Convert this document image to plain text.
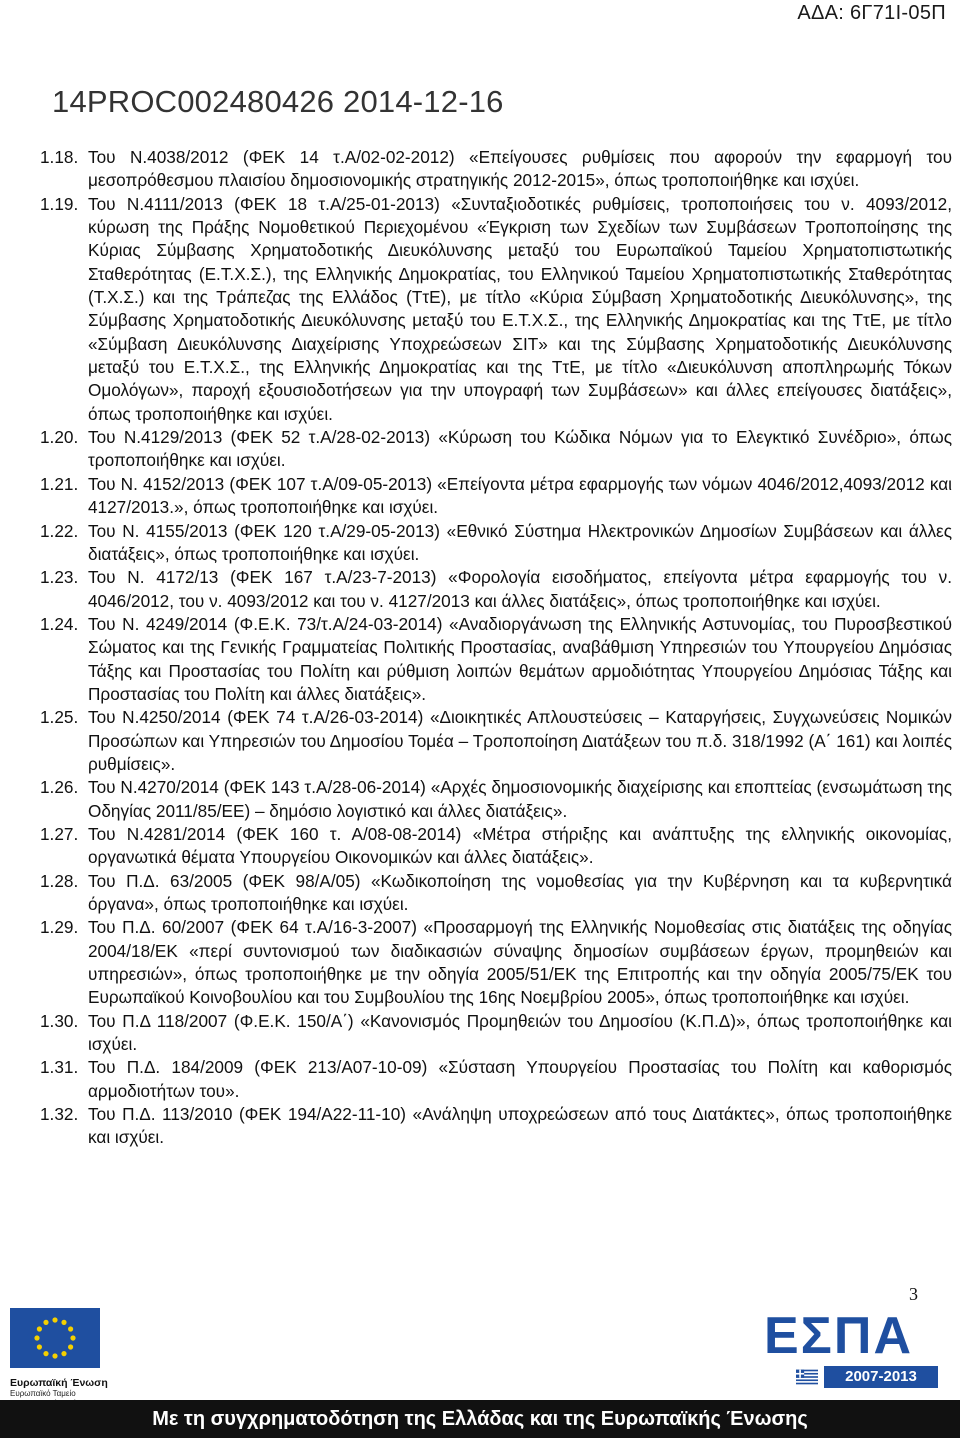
ΑΔΑ: 6Γ71Ι-05Π
14PROC002480426 2014-12-16
1.18. Του Ν.4038/2012 (ΦΕΚ 14 τ.Α/02-02-2012) «Επείγουσες ρυθμίσεις που αφορούν την εφαρμογή του μεσοπρόθεσμου πλαισίου δημοσιονομικής στρατηγικής 2012-2015», όπως τροποποιήθηκε και ισχύει.
1.19. Του Ν.4111/2013 (ΦΕΚ 18 τ.Α/25-01-2013) «Συνταξιοδοτικές ρυθμίσεις, τροποποιήσεις του ν. 4093/2012, κύρωση της Πράξης Νομοθετικού Περιεχομένου «Έγκριση των Σχεδίων των Συμβάσεων Τροποποίησης της Κύριας Σύμβασης Χρηματοδοτικής Διευκόλυνσης μεταξύ του Ευρωπαϊκού Ταμείου Χρηματοπιστωτικής Σταθερότητας (Ε.Τ.Χ.Σ.), της Ελληνικής Δημοκρατίας, του Ελληνικού Ταμείου Χρηματοπιστωτικής Σταθερότητας (Τ.Χ.Σ.) και της Τράπεζας της Ελλάδος (ΤτΕ), με τίτλο «Κύρια Σύμβαση Χρηματοδοτικής Διευκόλυνσης», της Σύμβασης Χρηματοδοτικής Διευκόλυνσης μεταξύ του Ε.Τ.Χ.Σ., της Ελληνικής Δημοκρατίας και της ΤτΕ, με τίτλο «Σύμβαση Διευκόλυνσης Διαχείρισης Υποχρεώσεων ΣΙΤ» και της Σύμβασης Χρηματοδοτικής Διευκόλυνσης μεταξύ του Ε.Τ.Χ.Σ., της Ελληνικής Δημοκρατίας και της ΤτΕ, με τίτλο «Διευκόλυνση αποπληρωμής Τόκων Ομολόγων», παροχή εξουσιοδοτήσεων για την υπογραφή των Συμβάσεων» και άλλες επείγουσες διατάξεις», όπως τροποποιήθηκε και ισχύει.
1.20. Του Ν.4129/2013 (ΦΕΚ 52 τ.Α/28-02-2013) «Κύρωση του Κώδικα Νόμων για το Ελεγκτικό Συνέδριο», όπως τροποποιήθηκε και ισχύει.
1.21. Του Ν. 4152/2013 (ΦΕΚ 107 τ.Α/09-05-2013) «Επείγοντα μέτρα εφαρμογής των νόμων 4046/2012,4093/2012 και 4127/2013.», όπως τροποποιήθηκε και ισχύει.
1.22. Του Ν. 4155/2013 (ΦΕΚ 120 τ.Α/29-05-2013) «Εθνικό Σύστημα Ηλεκτρονικών Δημοσίων Συμβάσεων και άλλες διατάξεις», όπως τροποποιήθηκε και ισχύει.
1.23. Του Ν. 4172/13 (ΦΕΚ 167 τ.Α/23-7-2013) «Φορολογία εισοδήματος, επείγοντα μέτρα εφαρμογής του ν. 4046/2012, του ν. 4093/2012 και του ν. 4127/2013 και άλλες διατάξεις», όπως τροποποιήθηκε και ισχύει.
1.24. Του Ν. 4249/2014 (Φ.Ε.Κ. 73/τ.Α/24-03-2014) «Αναδιοργάνωση της Ελληνικής Αστυνομίας, του Πυροσβεστικού Σώματος και της Γενικής Γραμματείας Πολιτικής Προστασίας, αναβάθμιση Υπηρεσιών του Υπουργείου Δημόσιας Τάξης και Προστασίας του Πολίτη και ρύθμιση λοιπών θεμάτων αρμοδιότητας Υπουργείου Δημόσιας Τάξης και Προστασίας του Πολίτη και άλλες διατάξεις».
1.25. Του Ν.4250/2014 (ΦΕΚ 74 τ.Α/26-03-2014) «Διοικητικές Απλουστεύσεις – Καταργήσεις, Συγχωνεύσεις Νομικών Προσώπων και Υπηρεσιών του Δημοσίου Τομέα – Τροποποίηση Διατάξεων του π.δ. 318/1992 (Α΄ 161) και λοιπές ρυθμίσεις».
1.26. Του Ν.4270/2014 (ΦΕΚ 143 τ.Α/28-06-2014) «Αρχές δημοσιονομικής διαχείρισης και εποπτείας (ενσωμάτωση της Οδηγίας 2011/85/ΕΕ) – δημόσιο λογιστικό και άλλες διατάξεις».
1.27. Του Ν.4281/2014 (ΦΕΚ 160 τ. Α/08-08-2014) «Μέτρα στήριξης και ανάπτυξης της ελληνικής οικονομίας, οργανωτικά θέματα Υπουργείου Οικονομικών και άλλες διατάξεις».
1.28. Του Π.Δ. 63/2005 (ΦΕΚ 98/Α/05) «Κωδικοποίηση της νομοθεσίας για την Κυβέρνηση και τα κυβερνητικά όργανα», όπως τροποποιήθηκε και ισχύει.
1.29. Του Π.Δ. 60/2007 (ΦΕΚ 64 τ.Α/16-3-2007) «Προσαρμογή της Ελληνικής Νομοθεσίας στις διατάξεις της οδηγίας 2004/18/ΕΚ «περί συντονισμού των διαδικασιών σύναψης δημοσίων συμβάσεων έργων, προμηθειών και υπηρεσιών», όπως τροποποιήθηκε με την οδηγία 2005/51/ΕΚ της Επιτροπής και την οδηγία 2005/75/ΕΚ του Ευρωπαϊκού Κοινοβουλίου και του Συμβουλίου της 16ης Νοεμβρίου 2005», όπως τροποποιήθηκε και ισχύει.
1.30. Του Π.Δ 118/2007 (Φ.Ε.Κ. 150/Α΄) «Κανονισμός Προμηθειών του Δημοσίου (Κ.Π.Δ)», όπως τροποποιήθηκε και ισχύει.
1.31. Του Π.Δ. 184/2009 (ΦΕΚ 213/Α07-10-09) «Σύσταση Υπουργείου Προστασίας του Πολίτη και καθορισμός αρμοδιοτήτων του».
1.32. Του Π.Δ. 113/2010 (ΦΕΚ 194/Α22-11-10) «Ανάληψη υποχρεώσεων από τους Διατάκτες», όπως τροποποιήθηκε και ισχύει.
3
Ευρωπαϊκή Ένωση
Ευρωπαϊκό Ταμείο
ΕΣΠΑ
2007-2013
Με τη συγχρηματοδότηση της Ελλάδας και της Ευρωπαϊκής Ένωσης
